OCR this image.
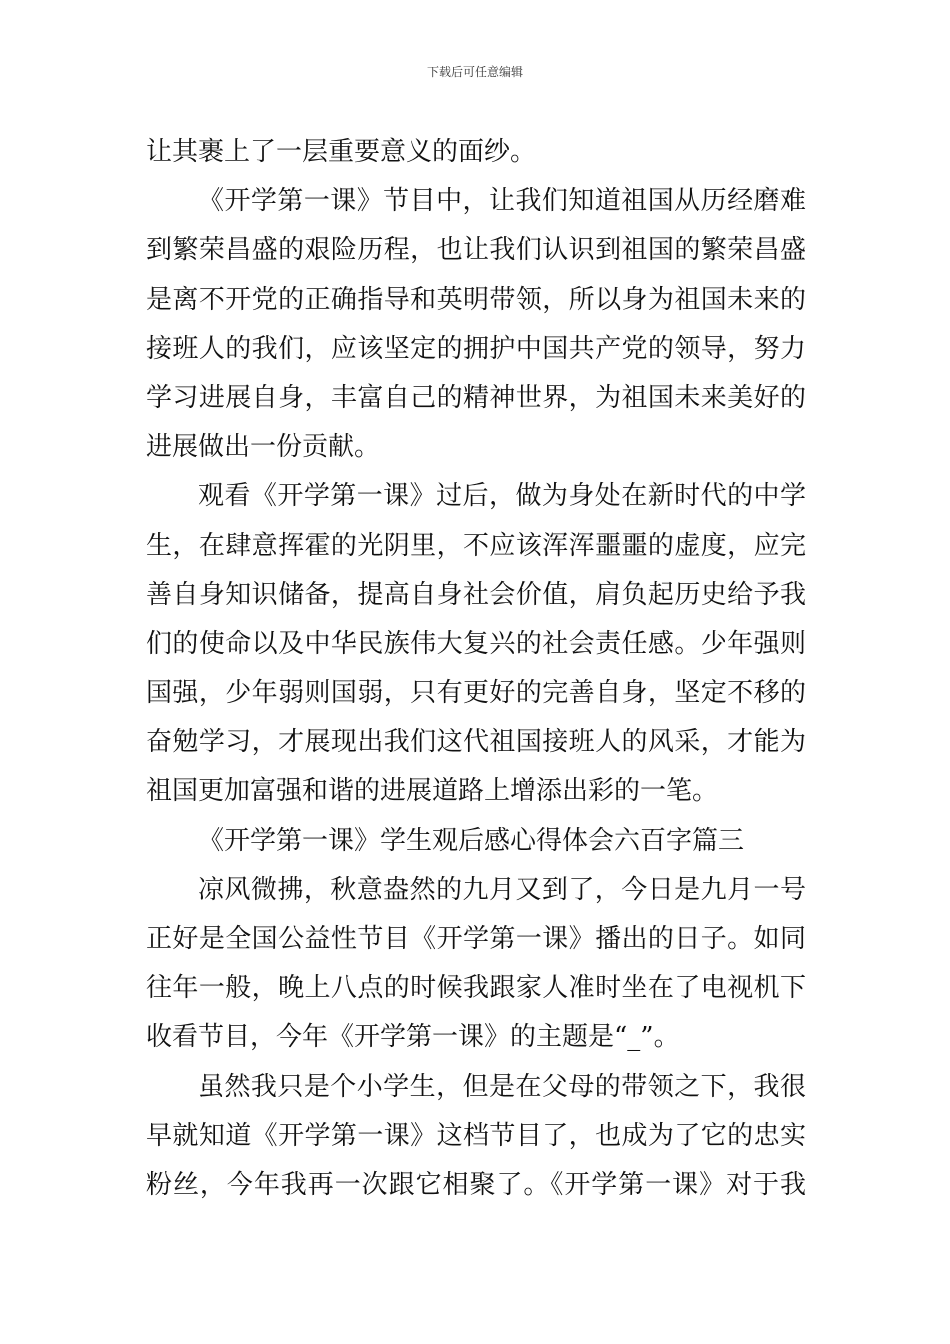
下载后可任意编辑
让其裹上了一层重要意义的面纱。
《开学第一课》节目中，让我们知道祖国从历经磨难
到繁荣昌盛的艰险历程，也让我们认识到祖国的繁荣昌盛
是离不开党的正确指导和英明带领，所以身为祖国未来的
接班人的我们，应该坚定的拥护中国共产党的领导，努力
学习进展自身，丰富自己的精神世界，为祖国未来美好的
进展做出一份贡献。
观看《开学第一课》过后，做为身处在新时代的中学
生，在肆意挥霍的光阴里，不应该浑浑噩噩的虚度，应完
善自身知识储备，提高自身社会价值，肩负起历史给予我
们的使命以及中华民族伟大复兴的社会责任感。少年强则
国强，少年弱则国弱，只有更好的完善自身，坚定不移的
奋勉学习，才展现出我们这代祖国接班人的风采，才能为
祖国更加富强和谐的进展道路上增添出彩的一笔。
《开学第一课》学生观后感心得体会六百字篇三
凉风微拂，秋意盎然的九月又到了，今日是九月一号
正好是全国公益性节目《开学第一课》播出的日子。如同
往年一般，晚上八点的时候我跟家人准时坐在了电视机下
收看节目，今年《开学第一课》的主题是“_”。
虽然我只是个小学生，但是在父母的带领之下，我很
早就知道《开学第一课》这档节目了，也成为了它的忠实
粉丝，今年我再一次跟它相聚了。《开学第一课》对于我
